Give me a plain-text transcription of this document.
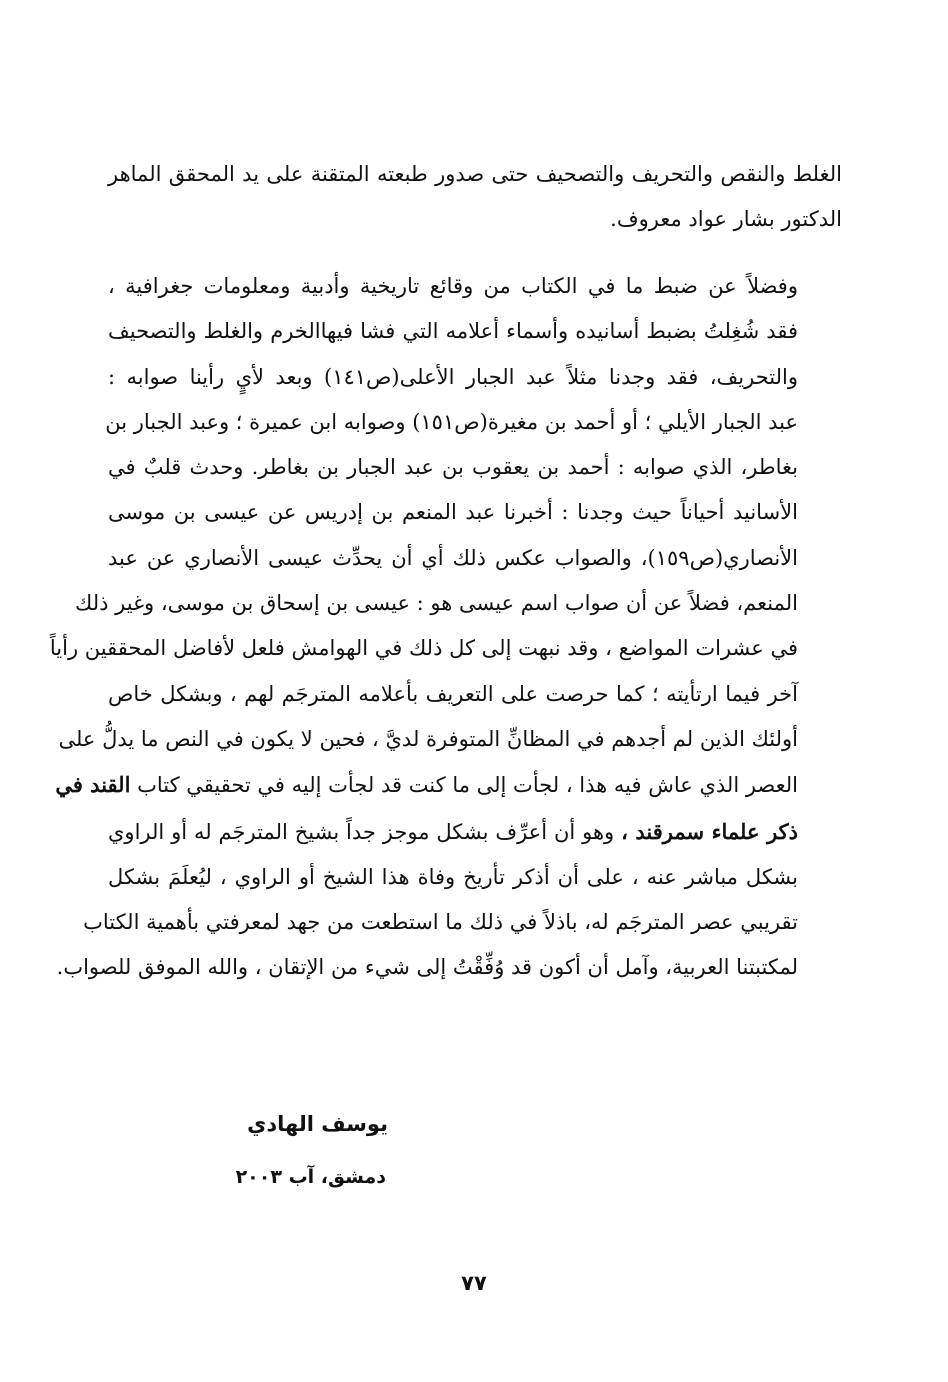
الغلط والنقص والتحريف والتصحيف حتى صدور طبعته المتقنة على يد المحقق الماهر
الدكتور بشار عواد معروف.
وفضلاً عن ضبط ما في الكتاب من وقائع تاريخية وأدبية ومعلومات جغرافية ،
فقد شُغِلتُ بضبط أسانيده وأسماء أعلامه التي فشا فيهاالخرم والغلط والتصحيف
والتحريف، فقد وجدنا مثلاً عبد الجبار الأعلى(ص١٤١) وبعد لأيٍ رأينا صوابه :
عبد الجبار الأيلي ؛ أو أحمد بن مغيرة(ص١٥١) وصوابه ابن عميرة ؛ وعبد الجبار بن
بغاطر، الذي صوابه : أحمد بن يعقوب بن عبد الجبار بن بغاطر. وحدث قلبٌ في
الأسانيد أحياناً حيث وجدنا : أخبرنا عبد المنعم بن إدريس عن عيسى بن موسى
الأنصاري(ص١٥٩)، والصواب عكس ذلك أي أن يحدِّث عيسى الأنصاري عن عبد
المنعم، فضلاً عن أن صواب اسم عيسى هو : عيسى بن إسحاق بن موسى، وغير ذلك
في عشرات المواضع ، وقد نبهت إلى كل ذلك في الهوامش فلعل لأفاضل المحققين رأياً
آخر فيما ارتأيته ؛ كما حرصت على التعريف بأعلامه المترجَم لهم ، وبشكل خاص
أولئك الذين لم أجدهم في المظانِّ المتوفرة لديَّ ، فحين لا يكون في النص ما يدلُّ على
العصر الذي عاش فيه هذا ، لجأت إلى ما كنت قد لجأت إليه في تحقيقي كتاب القند في
ذكر علماء سمرقند ، وهو أن أعرِّف بشكل موجز جداً بشيخ المترجَم له أو الراوي
بشكل مباشر عنه ، على أن أذكر تأريخ وفاة هذا الشيخ أو الراوي ، ليُعلَمَ بشكل
تقريبي عصر المترجَم له، باذلاً في ذلك ما استطعت من جهد لمعرفتي بأهمية الكتاب
لمكتبتنا العربية، وآمل أن أكون قد وُفِّقْتُ إلى شيء من الإتقان ، والله الموفق للصواب.
يوسف الهادي
دمشق، آب ٢٠٠٣
٧٧
